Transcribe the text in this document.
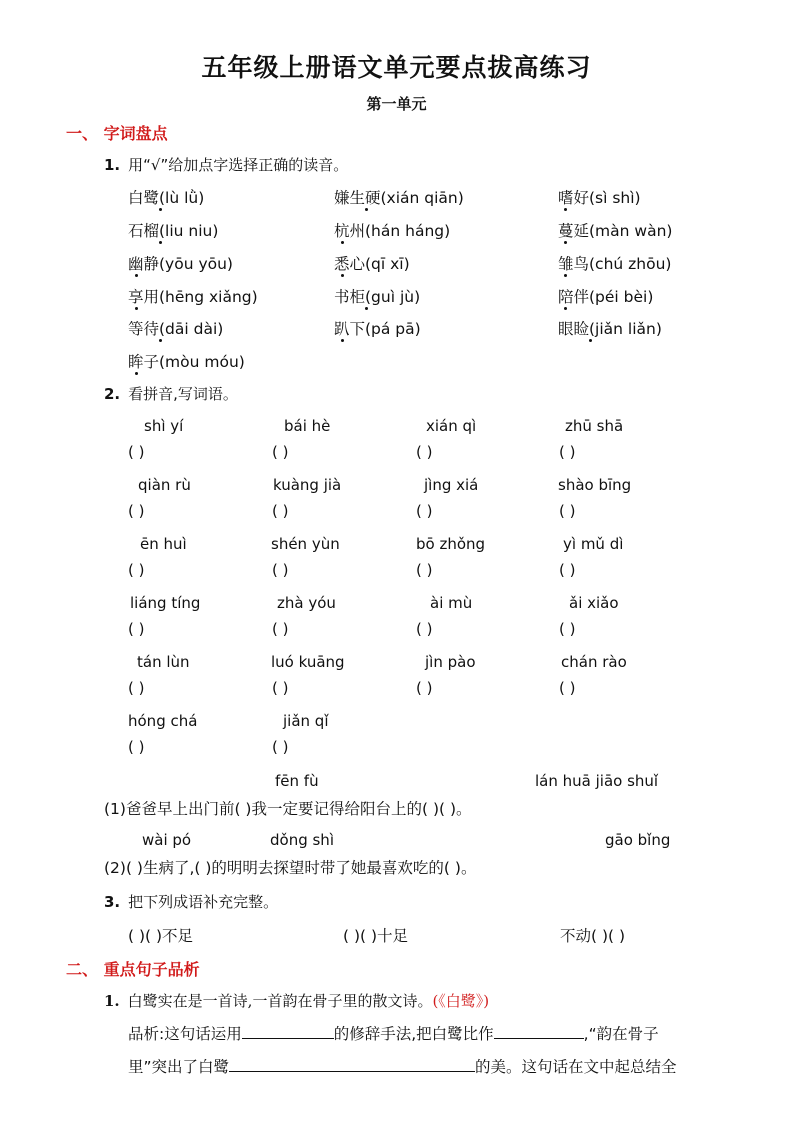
五年级上册语文单元要点拔高练习
第一单元
一、 字词盘点
1. 用“√”给加点字选择正确的读音。
白鹭(lù lǜ)	嫌生硬(xián qiān)	嗜好(sì shì)
石榴(liu niu)	杭州(hán háng)	蔓延(màn wàn)
幽静(yōu yōu)	悉心(qī xī)	雏鸟(chú zhōu)
享用(hēng xiǎng)	书柜(guì jù)	陪伴(péi bèi)
等待(dāi dài)	趴下(pá pā)	眼睑(jiǎn liǎn)
眸子(mòu móu)
2. 看拼音,写词语。
shì yí	bái hè	xián qì	zhū shā
( )	( )	( )	( )
qiàn rù	kuàng jià	jìng xiá	shào bīng
( )	( )	( )	( )
ēn huì	shén yùn	bō zhǒng	yì mǔ dì
( )	( )	( )	( )
liáng tíng	zhà yóu	ài mù	ǎi xiǎo
( )	( )	( )	( )
tán lùn	luó kuāng	jìn pào	chán rào
( )	( )	( )	( )
hóng chá	jiǎn qǐ
( )	( )
fēn fù	lán huā jiāo shuǐ
(1)爸爸早上出门前( )我一定要记得给阳台上的( )( )。
wài pó	dǒng shì	gāo bǐng
(2)( )生病了,( )的明明去探望时带了她最喜欢吃的( )。
3. 把下列成语补充完整。
( )( )不足	( )( )十足	不动( )( )
二、 重点句子品析
1. 白鹭实在是一首诗,一首韵在骨子里的散文诗。(《白鹭》)
品析:这句话运用	的修辞手法,把白鹭比作	,“韵在骨子
里”突出了白鹭	的美。这句话在文中起总结全
